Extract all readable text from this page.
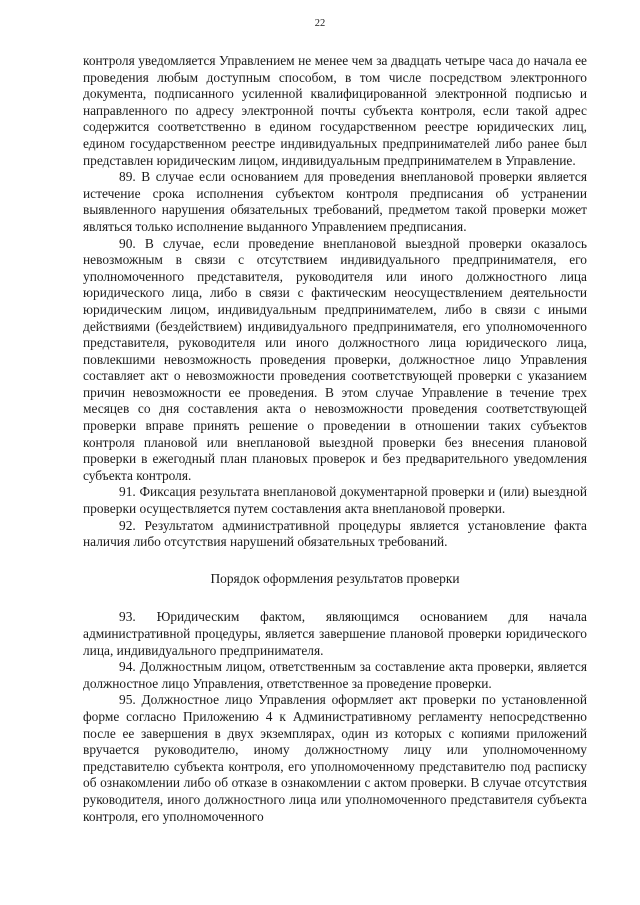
22

контроля уведомляется Управлением не менее чем за двадцать четыре часа до начала ее проведения любым доступным способом, в том числе посредством электронного документа, подписанного усиленной квалифицированной электронной подписью и направленного по адресу электронной почты субъекта контроля, если такой адрес содержится соответственно в едином государственном реестре юридических лиц, едином государственном реестре индивидуальных предпринимателей либо ранее был представлен юридическим лицом, индивидуальным предпринимателем в Управление.

89. В случае если основанием для проведения внеплановой проверки является истечение срока исполнения субъектом контроля предписания об устранении выявленного нарушения обязательных требований, предметом такой проверки может являться только исполнение выданного Управлением предписания.

90. В случае, если проведение внеплановой выездной проверки оказалось невозможным в связи с отсутствием индивидуального предпринимателя, его уполномоченного представителя, руководителя или иного должностного лица юридического лица, либо в связи с фактическим неосуществлением деятельности юридическим лицом, индивидуальным предпринимателем, либо в связи с иными действиями (бездействием) индивидуального предпринимателя, его уполномоченного представителя, руководителя или иного должностного лица юридического лица, повлекшими невозможность проведения проверки, должностное лицо Управления составляет акт о невозможности проведения соответствующей проверки с указанием причин невозможности ее проведения. В этом случае Управление в течение трех месяцев со дня составления акта о невозможности проведения соответствующей проверки вправе принять решение о проведении в отношении таких субъектов контроля плановой или внеплановой выездной проверки без внесения плановой проверки в ежегодный план плановых проверок и без предварительного уведомления субъекта контроля.

91. Фиксация результата внеплановой документарной проверки и (или) выездной проверки осуществляется путем составления акта внеплановой проверки.

92. Результатом административной процедуры является установление факта наличия либо отсутствия нарушений обязательных требований.

Порядок оформления результатов проверки

93. Юридическим фактом, являющимся основанием для начала административной процедуры, является завершение плановой проверки юридического лица, индивидуального предпринимателя.

94. Должностным лицом, ответственным за составление акта проверки, является должностное лицо Управления, ответственное за проведение проверки.

95. Должностное лицо Управления оформляет акт проверки по установленной форме согласно Приложению 4 к Административному регламенту непосредственно после ее завершения в двух экземплярах, один из которых с копиями приложений вручается руководителю, иному должностному лицу или уполномоченному представителю субъекта контроля, его уполномоченному представителю под расписку об ознакомлении либо об отказе в ознакомлении с актом проверки. В случае отсутствия руководителя, иного должностного лица или уполномоченного представителя субъекта контроля, его уполномоченного
